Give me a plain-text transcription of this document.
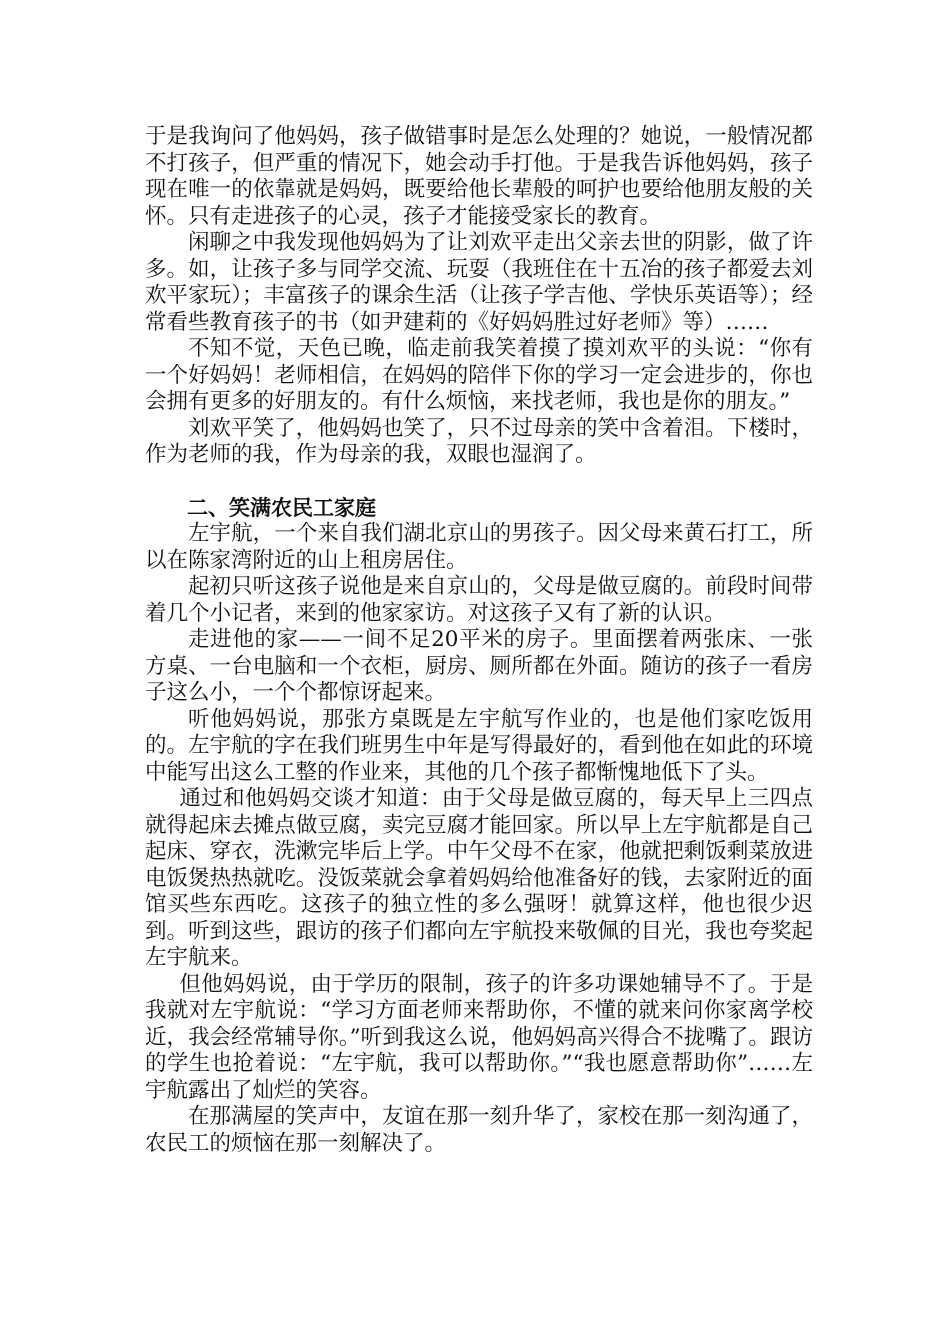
于是我询问了他妈妈，孩子做错事时是怎么处理的？她说，一般情况都不打孩子，但严重的情况下，她会动手打他。于是我告诉他妈妈，孩子现在唯一的依靠就是妈妈，既要给他长辈般的呵护也要给他朋友般的关怀。只有走进孩子的心灵，孩子才能接受家长的教育。

闲聊之中我发现他妈妈为了让刘欢平走出父亲去世的阴影，做了许多。如，让孩子多与同学交流、玩耍（我班住在十五冶的孩子都爱去刘欢平家玩）；丰富孩子的课余生活（让孩子学吉他、学快乐英语等）；经常看些教育孩子的书（如尹建莉的《好妈妈胜过好老师》等）……

不知不觉，天色已晚，临走前我笑着摸了摸刘欢平的头说：“你有一个好妈妈！老师相信，在妈妈的陪伴下你的学习一定会进步的，你也会拥有更多的好朋友的。有什么烦恼，来找老师，我也是你的朋友。”

刘欢平笑了，他妈妈也笑了，只不过母亲的笑中含着泪。下楼时，作为老师的我，作为母亲的我，双眼也湿润了。

二、笑满农民工家庭

左宇航，一个来自我们湖北京山的男孩子。因父母来黄石打工，所以在陈家湾附近的山上租房居住。

起初只听这孩子说他是来自京山的，父母是做豆腐的。前段时间带着几个小记者，来到的他家家访。对这孩子又有了新的认识。

走进他的家——一间不足20平米的房子。里面摆着两张床、一张方桌、一台电脑和一个衣柜，厨房、厕所都在外面。随访的孩子一看房子这么小，一个个都惊讶起来。

听他妈妈说，那张方桌既是左宇航写作业的，也是他们家吃饭用的。左宇航的字在我们班男生中年是写得最好的，看到他在如此的环境中能写出这么工整的作业来，其他的几个孩子都惭愧地低下了头。

通过和他妈妈交谈才知道：由于父母是做豆腐的，每天早上三四点就得起床去摊点做豆腐，卖完豆腐才能回家。所以早上左宇航都是自己起床、穿衣，洗漱完毕后上学。中午父母不在家，他就把剩饭剩菜放进电饭煲热热就吃。没饭菜就会拿着妈妈给他准备好的钱，去家附近的面馆买些东西吃。这孩子的独立性的多么强呀！就算这样，他也很少迟到。听到这些，跟访的孩子们都向左宇航投来敬佩的目光，我也夸奖起左宇航来。

但他妈妈说，由于学历的限制，孩子的许多功课她辅导不了。于是我就对左宇航说：“学习方面老师来帮助你，不懂的就来问你家离学校近，我会经常辅导你。”听到我这么说，他妈妈高兴得合不拢嘴了。跟访的学生也抢着说：“左宇航，我可以帮助你。”“我也愿意帮助你”……左宇航露出了灿烂的笑容。

在那满屋的笑声中，友谊在那一刻升华了，家校在那一刻沟通了，农民工的烦恼在那一刻解决了。
